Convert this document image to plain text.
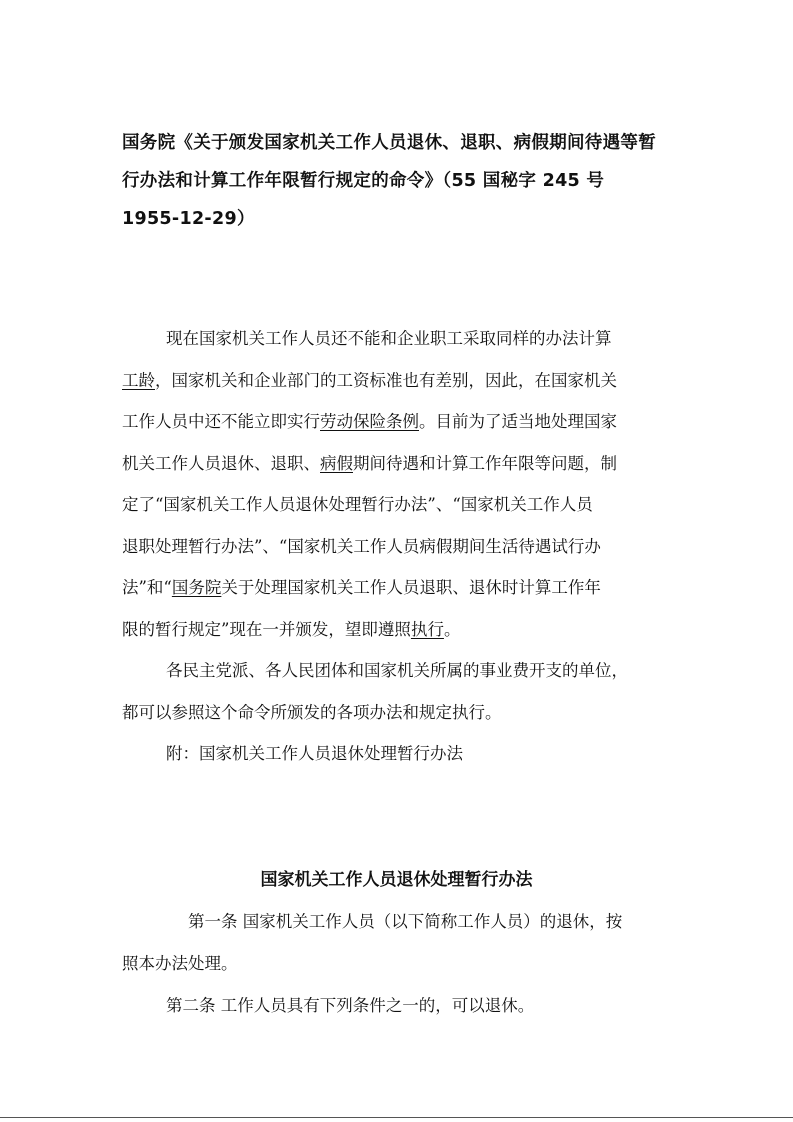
国务院《关于颁发国家机关工作人员退休、退职、病假期间待遇等暂
行办法和计算工作年限暂行规定的命令》（55 国秘字 245 号
1955-12-29）
现在国家机关工作人员还不能和企业职工采取同样的办法计算
工龄，国家机关和企业部门的工资标准也有差别，因此，在国家机关
工作人员中还不能立即实行劳动保险条例。目前为了适当地处理国家
机关工作人员退休、退职、病假期间待遇和计算工作年限等问题，制
定了“国家机关工作人员退休处理暂行办法”、“国家机关工作人员
退职处理暂行办法”、“国家机关工作人员病假期间生活待遇试行办
法”和“国务院关于处理国家机关工作人员退职、退休时计算工作年
限的暂行规定”现在一并颁发，望即遵照执行。
各民主党派、各人民团体和国家机关所属的事业费开支的单位，
都可以参照这个命令所颁发的各项办法和规定执行。
附：国家机关工作人员退休处理暂行办法
国家机关工作人员退休处理暂行办法
第一条 国家机关工作人员（以下简称工作人员）的退休，按
照本办法处理。
第二条 工作人员具有下列条件之一的，可以退休。
